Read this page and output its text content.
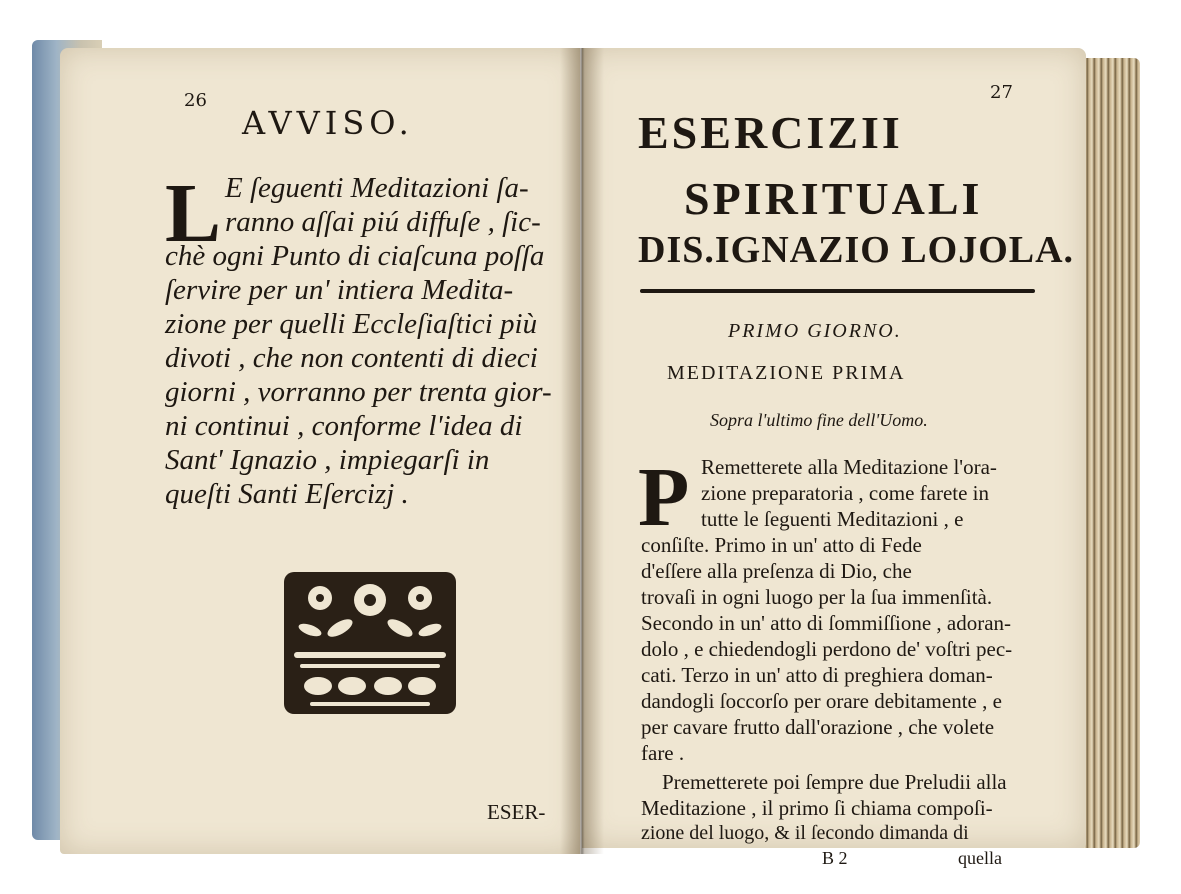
26
AVVISO.
L E ſeguenti Meditazioni ſa-
ranno aſſai piú diffuſe , ſic-
chè ogni Punto di ciaſcuna poſſa
ſervire per un' intiera Medita-
zione per quelli Eccleſiaſtici più
divoti , che non contenti di dieci
giorni , vorranno per trenta gior-
ni continui , conforme l'idea di
Sant' Ignazio , impiegarſi in
queſti Santi Eſercizj .
ESER-
27
ESERCIZII
SPIRITUALI
DIS.IGNAZIO LOJOLA.
PRIMO GIORNO.
MEDITAZIONE PRIMA
Sopra l'ultimo fine dell'Uomo.
P Remetterete alla Meditazione l'ora-
zione preparatoria , come farete in
tutte le ſeguenti Meditazioni , e
conſiſte. Primo in un' atto di Fede
d'eſſere alla preſenza di Dio, che
trovaſi in ogni luogo per la ſua immenſità.
Secondo in un' atto di ſommiſſione , adoran-
dolo , e chiedendogli perdono de' voſtri pec-
cati. Terzo in un' atto di preghiera doman-
dandogli ſoccorſo per orare debitamente , e
per cavare frutto dall'orazione , che volete
fare .
Premetterete poi ſempre due Preludii alla
Meditazione , il primo ſi chiama compoſi-
zione del luogo, & il ſecondo dimanda di
B 2	quella
